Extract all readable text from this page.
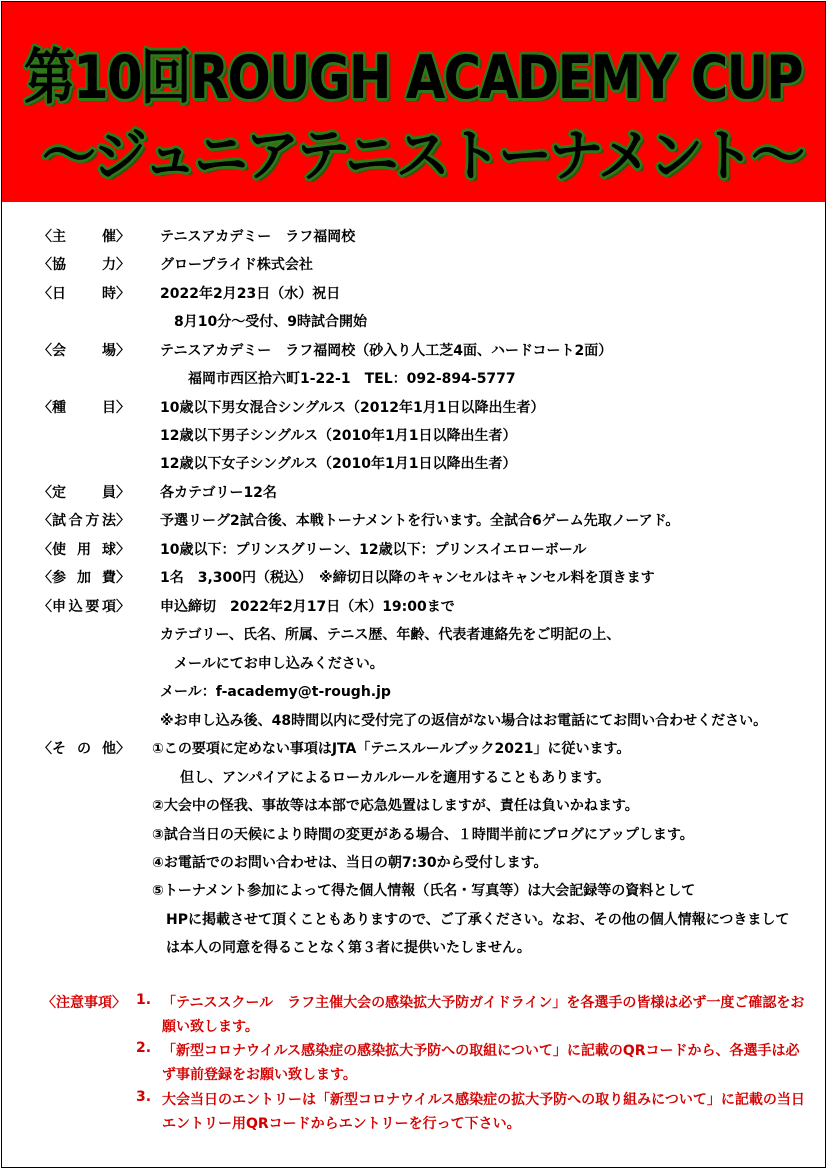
第10回ROUGH ACADEMY CUP
～ジュニアテニストーナメント～
〈主	催〉 テニスアカデミー　ラフ福岡校
〈協	力〉 グロープライド株式会社
〈日	時〉 2022年2月23日（水）祝日
8月10分～受付、9時試合開始
〈会	場〉 テニスアカデミー　ラフ福岡校（砂入り人工芝4面、ハードコート2面）
福岡市西区拾六町1-22-1　TEL：092-894-5777
〈種	目〉 10歳以下男女混合シングルス（2012年1月1日以降出生者）
12歳以下男子シングルス（2010年1月1日以降出生者）
12歳以下女子シングルス（2010年1月1日以降出生者）
〈定	員〉 各カテゴリー12名
〈試 合 方 法〉 予選リーグ2試合後、本戦トーナメントを行います。全試合6ゲーム先取ノーアド。
〈使 用 球〉 10歳以下：プリンスグリーン、12歳以下：プリンスイエローボール
〈参 加 費〉 1名　3,300円（税込）　※締切日以降のキャンセルはキャンセル料を頂きます
〈申 込 要 項〉 申込締切　2022年2月17日（木）19:00まで
カテゴリー、氏名、所属、テニス歴、年齢、代表者連絡先をご明記の上、
　メールにてお申し込みください。
メール：f-academy@t-rough.jp
※お申し込み後、48時間以内に受付完了の返信がない場合はお電話にてお問い合わせください。
〈そ の 他〉 ①この要項に定めない事項はJTA「テニスルールブック2021」に従います。
　　但し、アンパイアによるローカルルールを適用することもあります。
②大会中の怪我、事故等は本部で応急処置はしますが、責任は負いかねます。
③試合当日の天候により時間の変更がある場合、１時間半前にブログにアップします。
④お電話でのお問い合わせは、当日の朝7:30から受付します。
⑤トーナメント参加によって得た個人情報（氏名・写真等）は大会記録等の資料として
　HPに掲載させて頂くこともありますので、ご了承ください。なお、その他の個人情報につきまして
　は本人の同意を得ることなく第３者に提供いたしません。
〈注意事項〉 1. 「テニススクール　ラフ主催大会の感染拡大予防ガイドライン」を各選手の皆様は必ず一度ご確認をお
願い致します。
2. 「新型コロナウイルス感染症の感染拡大予防への取組について」に記載のQRコードから、各選手は必
ず事前登録をお願い致します。
3. 大会当日のエントリーは「新型コロナウイルス感染症の拡大予防への取り組みについて」に記載の当日
エントリー用QRコードからエントリーを行って下さい。
